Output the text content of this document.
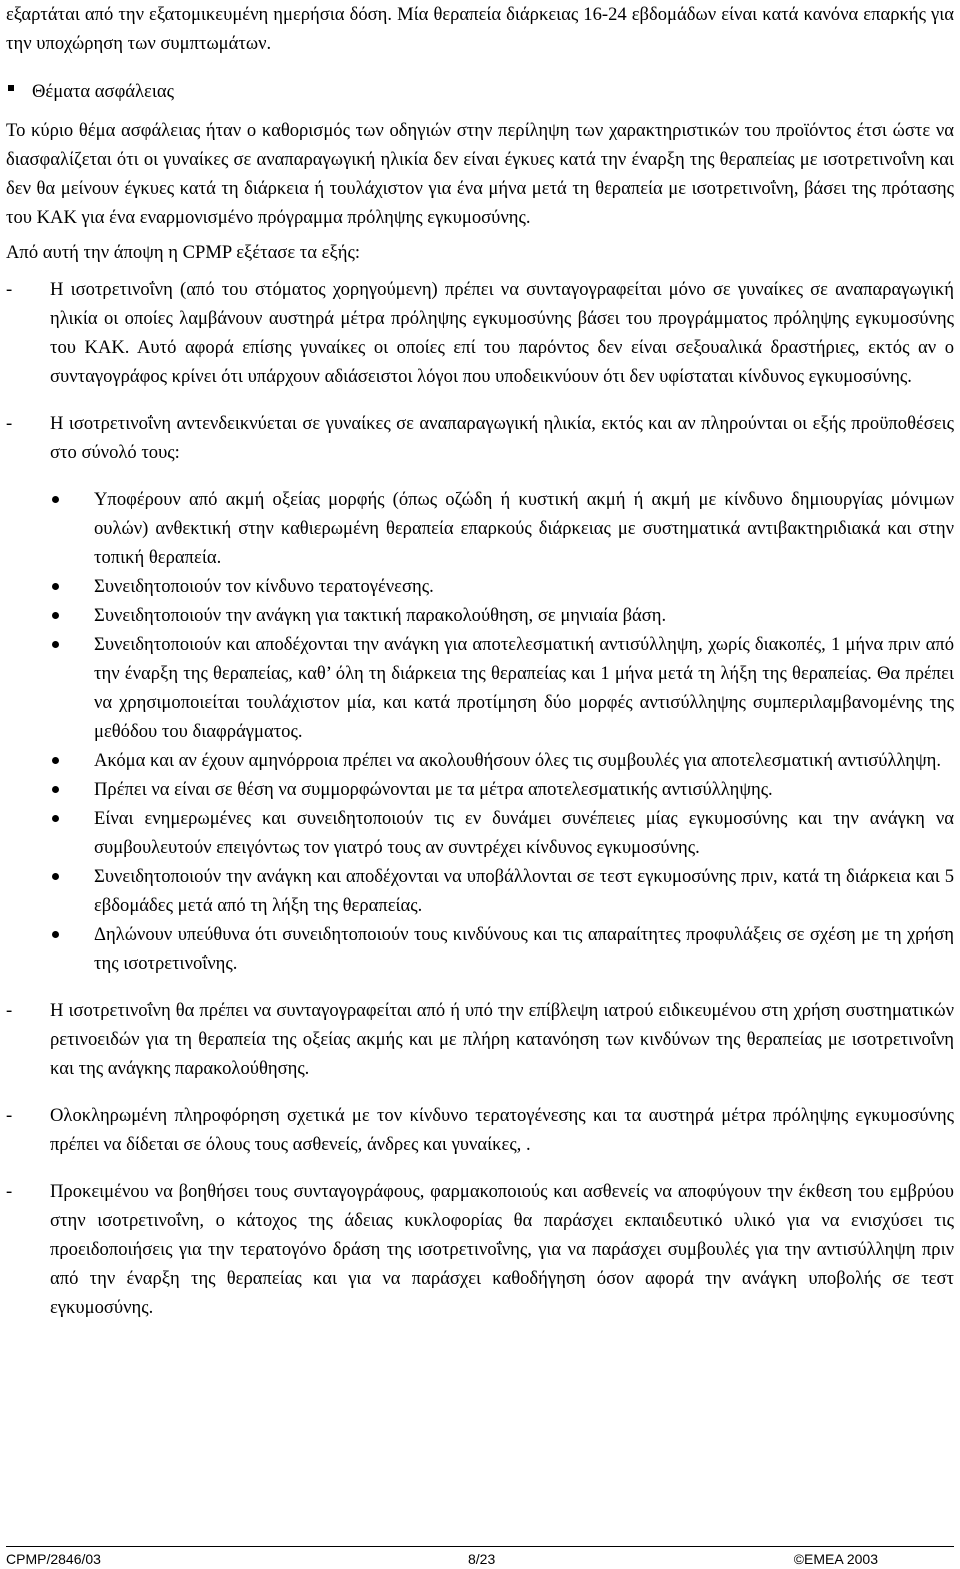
εξαρτάται από την εξατομικευμένη ημερήσια δόση. Μία θεραπεία διάρκειας 16-24 εβδομάδων είναι κατά κανόνα επαρκής για την υποχώρηση των συμπτωμάτων.

Θέματα ασφάλειας

Το κύριο θέμα ασφάλειας ήταν ο καθορισμός των οδηγιών στην περίληψη των χαρακτηριστικών του προϊόντος έτσι ώστε να διασφαλίζεται ότι οι γυναίκες σε αναπαραγωγική ηλικία δεν είναι έγκυες κατά την έναρξη της θεραπείας με ισοτρετινοΐνη και δεν θα μείνουν έγκυες κατά τη διάρκεια ή τουλάχιστον για ένα μήνα μετά τη θεραπεία με ισοτρετινοΐνη, βάσει της πρότασης του ΚΑΚ για ένα εναρμονισμένο πρόγραμμα πρόληψης εγκυμοσύνης.

Από αυτή την άποψη η CPMP εξέτασε τα εξής:

-	Η ισοτρετινοΐνη (από του στόματος χορηγούμενη) πρέπει να συνταγογραφείται μόνο σε γυναίκες σε αναπαραγωγική ηλικία οι οποίες λαμβάνουν αυστηρά μέτρα πρόληψης εγκυμοσύνης βάσει του προγράμματος πρόληψης εγκυμοσύνης του ΚΑΚ. Αυτό αφορά επίσης γυναίκες οι οποίες επί του παρόντος δεν είναι σεξουαλικά δραστήριες, εκτός αν ο συνταγογράφος κρίνει ότι υπάρχουν αδιάσειστοι λόγοι που υποδεικνύουν ότι δεν υφίσταται κίνδυνος εγκυμοσύνης.
-	Η ισοτρετινοΐνη αντενδεικνύεται σε γυναίκες σε αναπαραγωγική ηλικία, εκτός και αν πληρούνται οι εξής προϋποθέσεις στο σύνολό τους:
Υποφέρουν από ακμή οξείας μορφής (όπως οζώδη ή κυστική ακμή ή ακμή με κίνδυνο δημιουργίας μόνιμων ουλών) ανθεκτική στην καθιερωμένη θεραπεία επαρκούς διάρκειας με συστηματικά αντιβακτηριδιακά και στην τοπική θεραπεία.
Συνειδητοποιούν τον κίνδυνο τερατογένεσης.
Συνειδητοποιούν την ανάγκη για τακτική παρακολούθηση, σε μηνιαία βάση.
Συνειδητοποιούν και αποδέχονται την ανάγκη για αποτελεσματική αντισύλληψη, χωρίς διακοπές, 1 μήνα πριν από την έναρξη της θεραπείας, καθ’ όλη τη διάρκεια της θεραπείας και 1 μήνα μετά τη λήξη της θεραπείας. Θα πρέπει να χρησιμοποιείται τουλάχιστον μία, και κατά προτίμηση δύο μορφές αντισύλληψης συμπεριλαμβανομένης της μεθόδου του διαφράγματος.
Ακόμα και αν έχουν αμηνόρροια πρέπει να ακολουθήσουν όλες τις συμβουλές για αποτελεσματική αντισύλληψη.
Πρέπει να είναι σε θέση να συμμορφώνονται με τα μέτρα αποτελεσματικής αντισύλληψης.
Είναι ενημερωμένες και συνειδητοποιούν τις εν δυνάμει συνέπειες μίας εγκυμοσύνης και την ανάγκη να συμβουλευτούν επειγόντως τον γιατρό τους αν συντρέχει κίνδυνος εγκυμοσύνης.
Συνειδητοποιούν την ανάγκη και αποδέχονται να υποβάλλονται σε τεστ εγκυμοσύνης πριν, κατά τη διάρκεια και 5 εβδομάδες μετά από τη λήξη της θεραπείας.
Δηλώνουν υπεύθυνα ότι συνειδητοποιούν τους κινδύνους και τις απαραίτητες προφυλάξεις σε σχέση με τη χρήση της ισοτρετινοΐνης.
-	Η ισοτρετινοΐνη θα πρέπει να συνταγογραφείται από ή υπό την επίβλεψη ιατρού ειδικευμένου στη χρήση συστηματικών ρετινοειδών για τη θεραπεία της οξείας ακμής και με πλήρη κατανόηση των κινδύνων της θεραπείας με ισοτρετινοΐνη και της ανάγκης παρακολούθησης.
-	Ολοκληρωμένη πληροφόρηση σχετικά με τον κίνδυνο τερατογένεσης και τα αυστηρά μέτρα πρόληψης εγκυμοσύνης πρέπει να δίδεται σε όλους τους ασθενείς, άνδρες και γυναίκες, .
-	Προκειμένου να βοηθήσει τους συνταγογράφους, φαρμακοποιούς και ασθενείς να αποφύγουν την έκθεση του εμβρύου στην ισοτρετινοΐνη, ο κάτοχος της άδειας κυκλοφορίας θα παράσχει εκπαιδευτικό υλικό για να ενισχύσει τις προειδοποιήσεις για την τερατογόνο δράση της ισοτρετινοΐνης, για να παράσχει συμβουλές για την αντισύλληψη πριν από την έναρξη της θεραπείας και για να παράσχει καθοδήγηση όσον αφορά την ανάγκη υποβολής σε τεστ εγκυμοσύνης.
CPMP/2846/03	8/23	©EMEA 2003
